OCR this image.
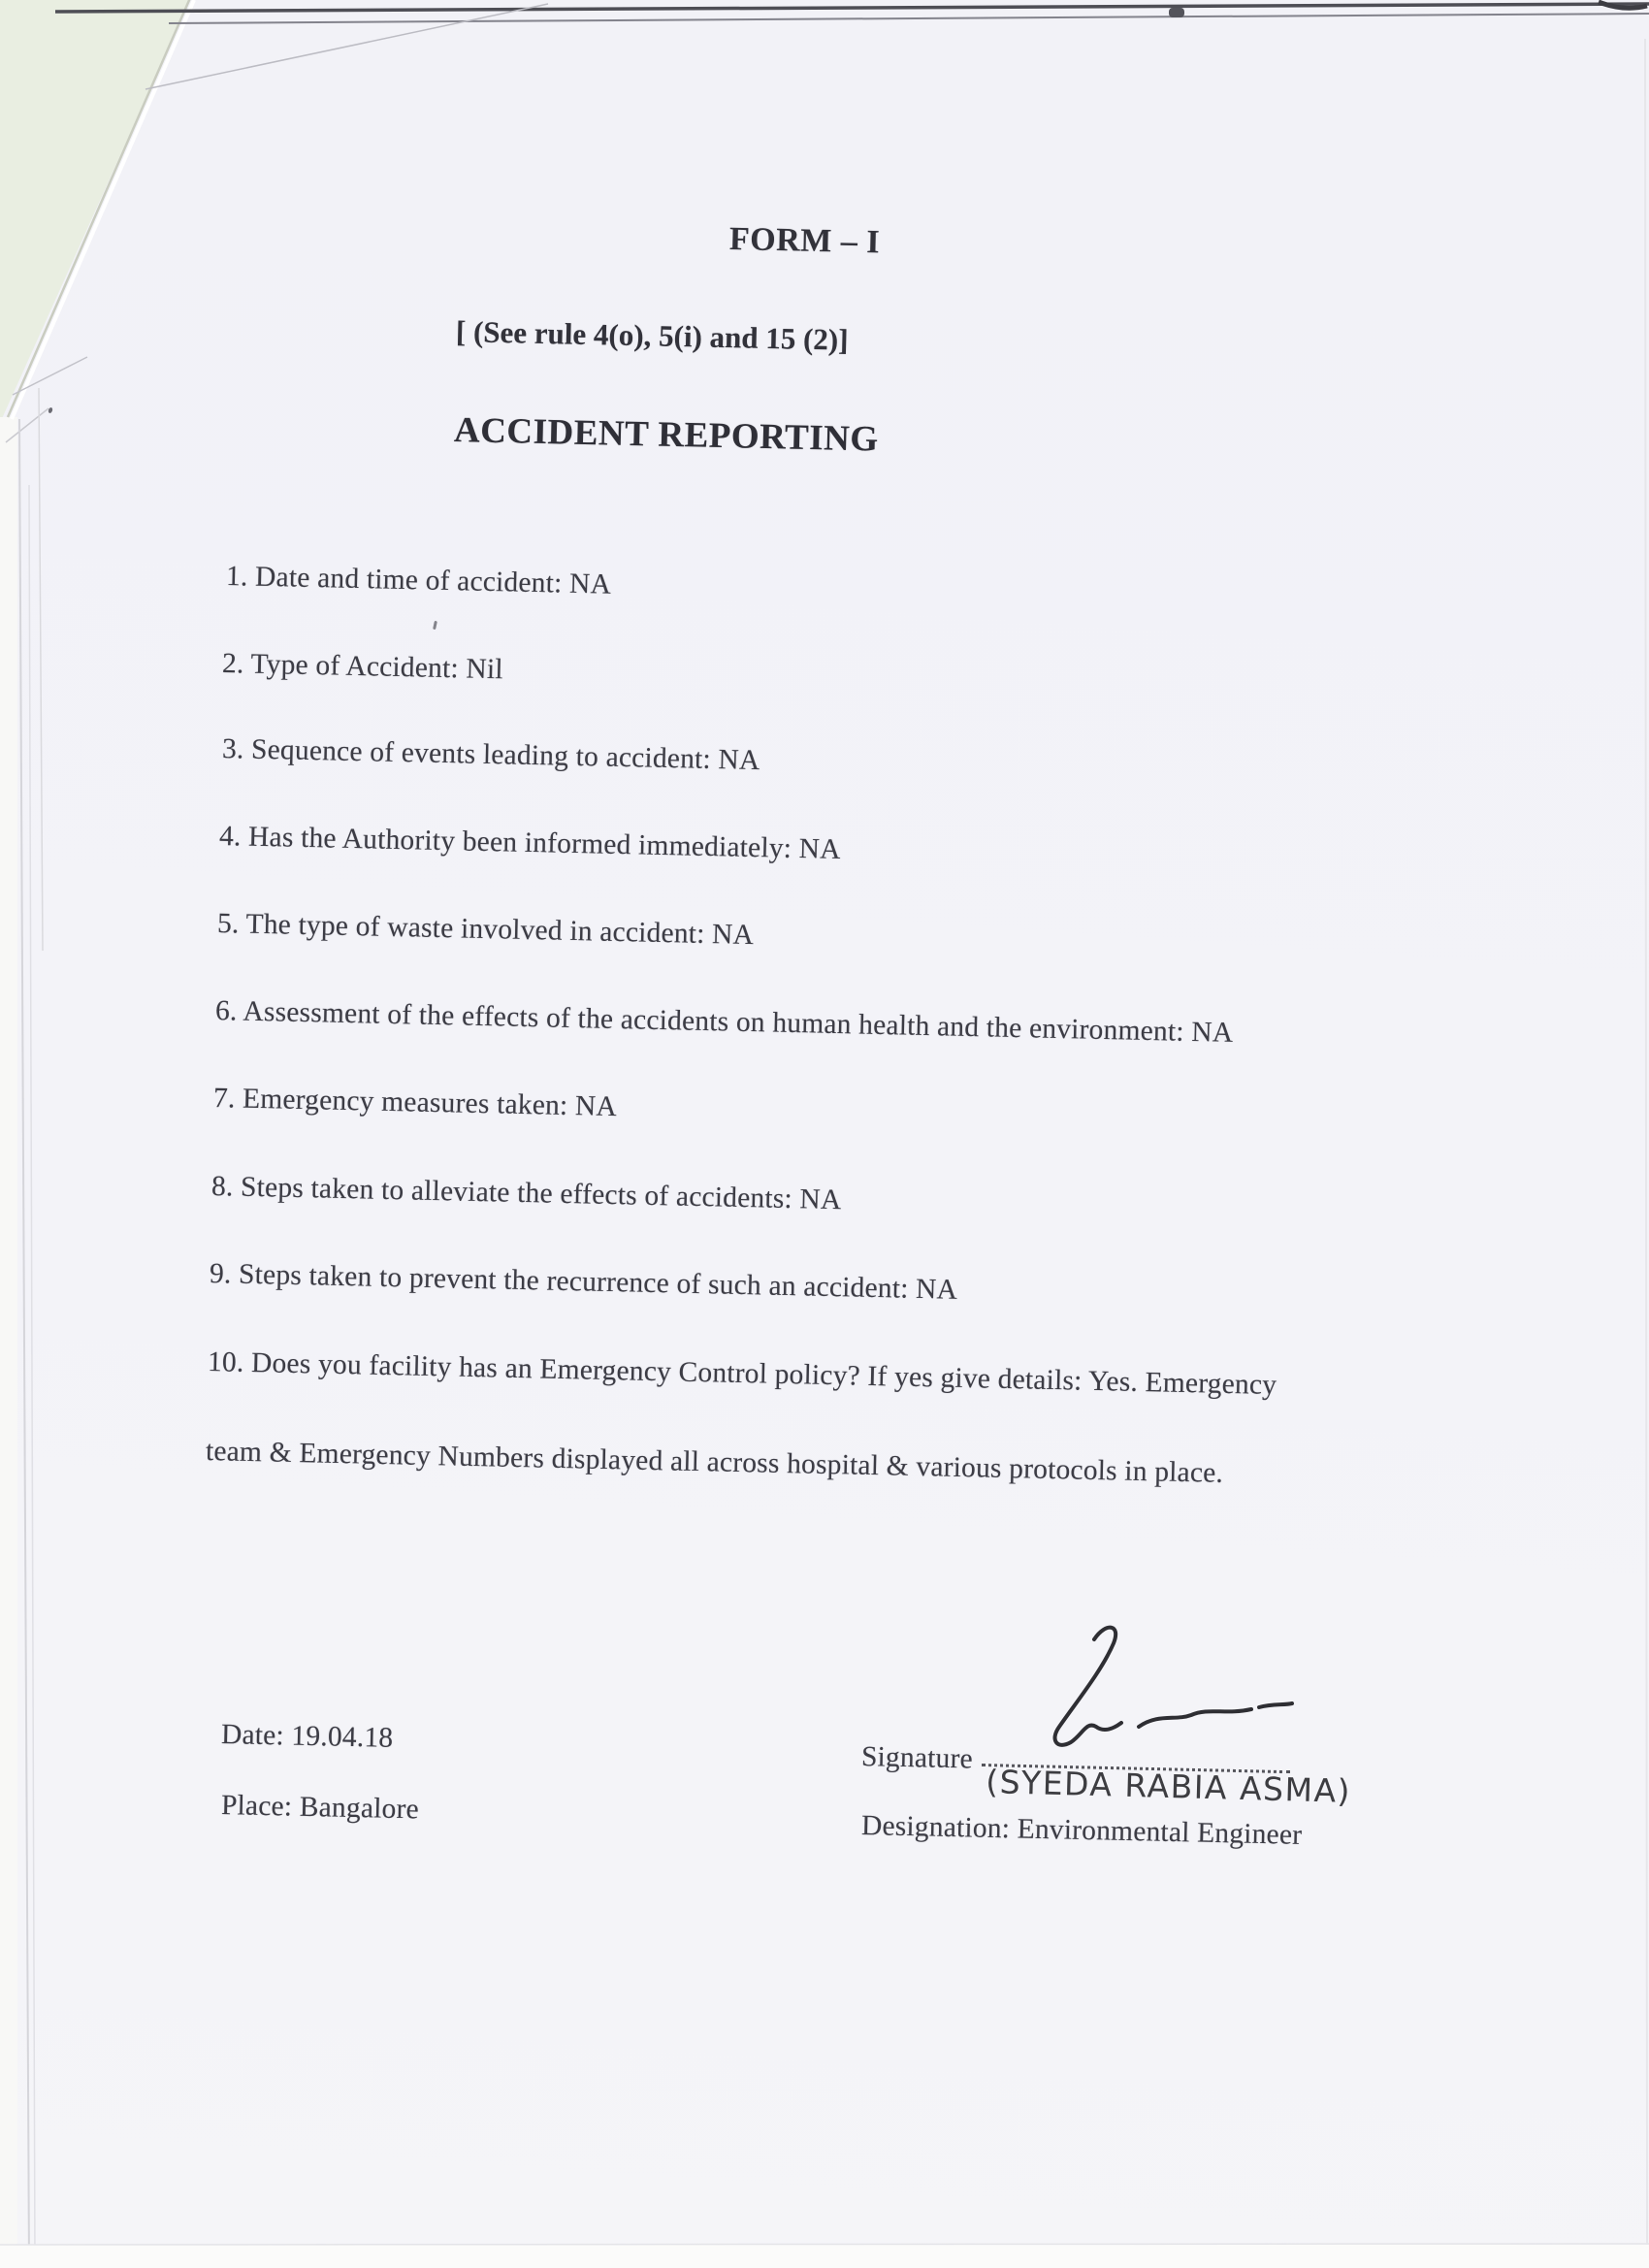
FORM – I
[ (See rule 4(o), 5(i) and 15 (2)]
ACCIDENT REPORTING
1. Date and time of accident: NA
2. Type of Accident: Nil
3. Sequence of events leading to accident: NA
4. Has the Authority been informed immediately: NA
5. The type of waste involved in accident: NA
6. Assessment of the effects of the accidents on human health and the environment: NA
7. Emergency measures taken: NA
8. Steps taken to alleviate the effects of accidents: NA
9. Steps taken to prevent the recurrence of such an accident: NA
10. Does you facility has an Emergency Control policy? If yes give details: Yes. Emergency
team & Emergency Numbers displayed all across hospital & various protocols in place.
Date: 19.04.18
Place: Bangalore
Signature
(SYEDA RABIA ASMA)
Designation: Environmental Engineer
